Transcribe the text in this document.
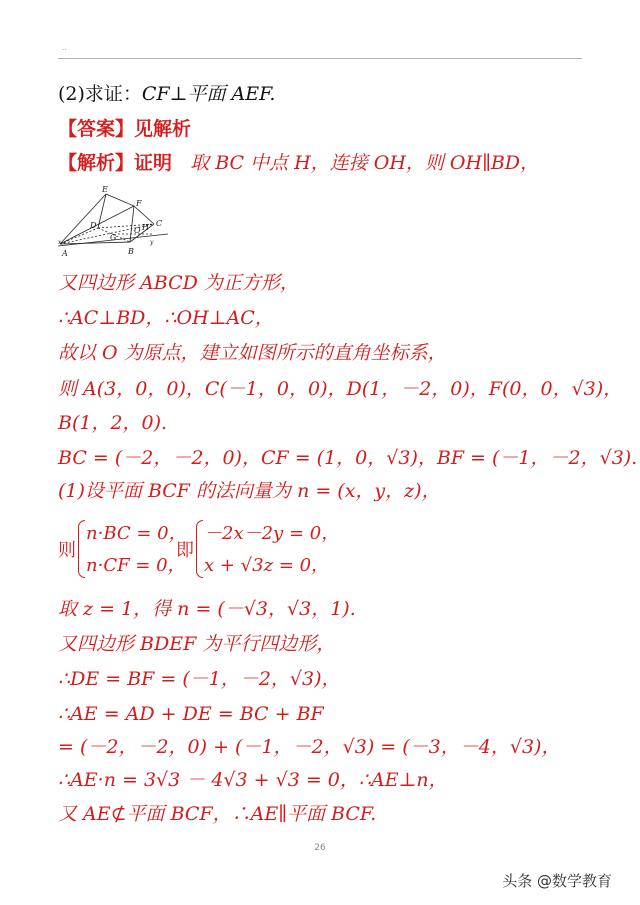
..
(2)求证：CF⊥平面 AEF.
【答案】见解析
【解析】证明 取 BC 中点 H，连接 OH，则 OH∥BD，
E
F
D
O H C
G
A	B
x	y
又四边形 ABCD 为正方形，
∴AC⊥BD，∴OH⊥AC，
故以 O 为原点，建立如图所示的直角坐标系，
则 A(3，0，0)，C(－1，0，0)，D(1，－2，0)，F(0，0，√3)，
B(1，2，0).
BC = (－2，－2，0)，CF = (1，0，√3)，BF = (－1，－2，√3).
(1)设平面 BCF 的法向量为 n = (x，y，z)，
则
n·BC = 0，
n·CF = 0，
即
－2x－2y = 0，
x + √3z = 0，
取 z = 1，得 n = (－√3，√3，1).
又四边形 BDEF 为平行四边形，
∴DE = BF = (－1，－2，√3)，
∴AE = AD + DE = BC + BF
= (－2，－2，0) + (－1，－2，√3) = (－3，－4，√3)，
∴AE·n = 3√3 － 4√3 + √3 = 0，∴AE⊥n，
又 AE⊄平面 BCF，∴AE∥平面 BCF.
26
头条 @数学教育
